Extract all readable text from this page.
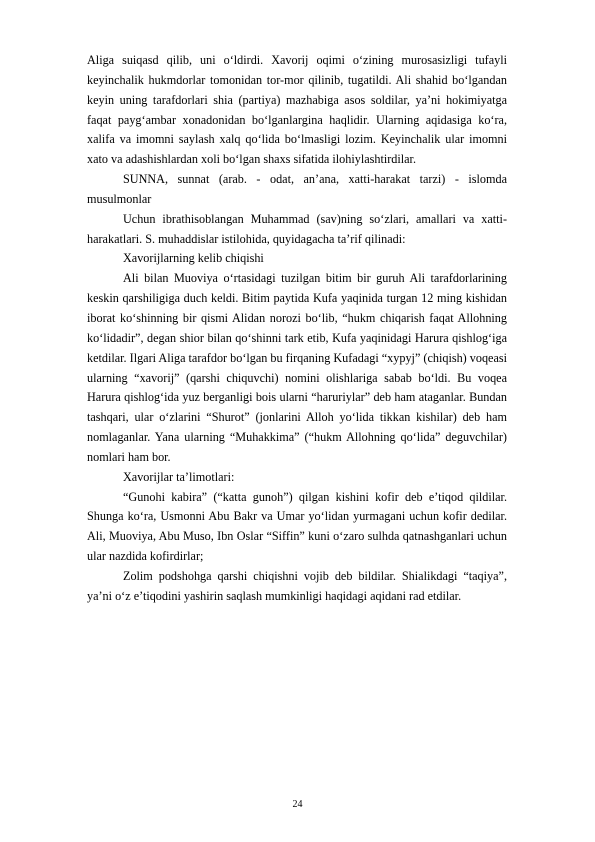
Aliga suiqasd qilib, uni o‘ldirdi. Xavorij oqimi o‘zining murosasizligi tufayli keyinchalik hukmdorlar tomonidan tor-mor qilinib, tugatildi. Ali shahid bo‘lgandan keyin uning tarafdorlari shia (partiya) mazhabiga asos soldilar, ya’ni hokimiyatga faqat payg‘ambar xonadonidan bo‘lganlargina haqlidir. Ularning aqidasiga ko‘ra, xalifa va imomni saylash xalq qo‘lida bo‘lmasligi lozim. Keyinchalik ular imomni xato va adashishlardan xoli bo‘lgan shaxs sifatida ilohiylashtirdilar.

SUNNA, sunnat (arab. - odat, an’ana, xatti-harakat tarzi) - islomda musulmonlar

Uchun ibrathisoblangan Muhammad (sav)ning so‘zlari, amallari va xatti-harakatlari. S. muhaddislar istilohida, quyidagacha ta’rif qilinadi:

Xavorijlarning kelib chiqishi

Ali bilan Muoviya o‘rtasidagi tuzilgan bitim bir guruh Ali tarafdorlarining keskin qarshiligiga duch keldi. Bitim paytida Kufa yaqinida turgan 12 ming kishidan iborat ko‘shinning bir qismi Alidan norozi bo‘lib, “hukm chiqarish faqat Allohning ko‘lidadir”, degan shior bilan qo‘shinni tark etib, Kufa yaqinidagi Harura qishlog‘iga ketdilar. Ilgari Aliga tarafdor bo‘lgan bu firqaning Kufadagi “xypyj” (chiqish) voqeasi ularning “xavorij” (qarshi chiquvchi) nomini olishlariga sabab bo‘ldi. Bu voqea Harura qishlog‘ida yuz berganligi bois ularni “haruriylar” deb ham ataganlar. Bundan tashqari, ular o‘zlarini “Shurot” (jonlarini Alloh yo‘lida tikkan kishilar) deb ham nomlaganlar. Yana ularning “Muhakkima” (“hukm Allohning qo‘lida” deguvchilar) nomlari ham bor.

Xavorijlar ta’limotlari:

“Gunohi kabira” (“katta gunoh”) qilgan kishini kofir deb e’tiqod qildilar. Shunga ko‘ra, Usmonni Abu Bakr va Umar yo‘lidan yurmagani uchun kofir dedilar. Ali, Muoviya, Abu Muso, Ibn Oslar “Siffin” kuni o‘zaro sulhda qatnashganlari uchun ular nazdida kofirdirlar;

Zolim podshohga qarshi chiqishni vojib deb bildilar. Shialikdagi “taqiya”, ya’ni o‘z e’tiqodini yashirin saqlash mumkinligi haqidagi aqidani rad etdilar.

24
